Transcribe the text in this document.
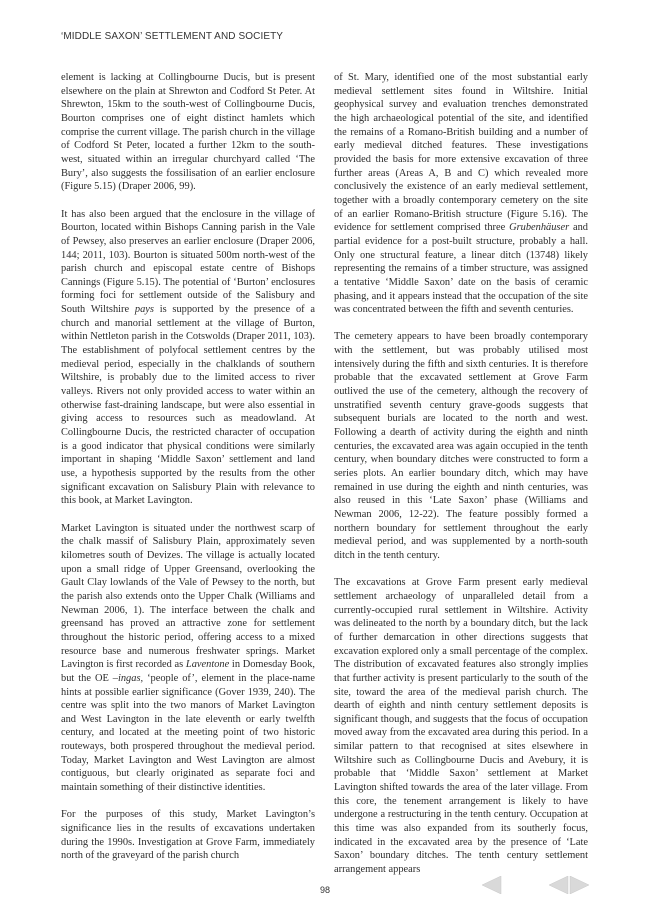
‘MIDDLE SAXON’ SETTLEMENT AND SOCIETY

element is lacking at Collingbourne Ducis, but is present elsewhere on the plain at Shrewton and Codford St Peter. At Shrewton, 15km to the south-west of Collingbourne Ducis, Bourton comprises one of eight distinct hamlets which comprise the current village. The parish church in the village of Codford St Peter, located a further 12km to the south-west, situated within an irregular churchyard called ‘The Bury’, also suggests the fossilisation of an earlier enclosure (Figure 5.15) (Draper 2006, 99).

It has also been argued that the enclosure in the village of Bourton, located within Bishops Canning parish in the Vale of Pewsey, also preserves an earlier enclosure (Draper 2006, 144; 2011, 103). Bourton is situated 500m north-west of the parish church and episcopal estate centre of Bishops Cannings (Figure 5.15). The potential of ‘Burton’ enclosures forming foci for settlement outside of the Salisbury and South Wiltshire pays is supported by the presence of a church and manorial settlement at the village of Burton, within Nettleton parish in the Cotswolds (Draper 2011, 103). The establishment of polyfocal settlement centres by the medieval period, especially in the chalklands of southern Wiltshire, is probably due to the limited access to river valleys. Rivers not only provided access to water within an otherwise fast-draining landscape, but were also essential in giving access to resources such as meadowland. At Collingbourne Ducis, the restricted character of occupation is a good indicator that physical conditions were similarly important in shaping ‘Middle Saxon’ settlement and land use, a hypothesis supported by the results from the other significant excavation on Salisbury Plain with relevance to this book, at Market Lavington.

Market Lavington is situated under the northwest scarp of the chalk massif of Salisbury Plain, approximately seven kilometres south of Devizes. The village is actually located upon a small ridge of Upper Greensand, overlooking the Gault Clay lowlands of the Vale of Pewsey to the north, but the parish also extends onto the Upper Chalk (Williams and Newman 2006, 1). The interface between the chalk and greensand has proved an attractive zone for settlement throughout the historic period, offering access to a mixed resource base and numerous freshwater springs. Market Lavington is first recorded as Laventone in Domesday Book, but the OE –ingas, ‘people of’, element in the place-name hints at possible earlier significance (Gover 1939, 240). The centre was split into the two manors of Market Lavington and West Lavington in the late eleventh or early twelfth century, and located at the meeting point of two historic routeways, both prospered throughout the medieval period. Today, Market Lavington and West Lavington are almost contiguous, but clearly originated as separate foci and maintain something of their distinctive identities.

For the purposes of this study, Market Lavington’s significance lies in the results of excavations undertaken during the 1990s. Investigation at Grove Farm, immediately north of the graveyard of the parish church

of St. Mary, identified one of the most substantial early medieval settlement sites found in Wiltshire. Initial geophysical survey and evaluation trenches demonstrated the high archaeological potential of the site, and identified the remains of a Romano-British building and a number of early medieval ditched features. These investigations provided the basis for more extensive excavation of three further areas (Areas A, B and C) which revealed more conclusively the existence of an early medieval settlement, together with a broadly contemporary cemetery on the site of an earlier Romano-British structure (Figure 5.16). The evidence for settlement comprised three Grubenhäuser and partial evidence for a post-built structure, probably a hall. Only one structural feature, a linear ditch (13748) likely representing the remains of a timber structure, was assigned a tentative ‘Middle Saxon’ date on the basis of ceramic phasing, and it appears instead that the occupation of the site was concentrated between the fifth and seventh centuries.

The cemetery appears to have been broadly contemporary with the settlement, but was probably utilised most intensively during the fifth and sixth centuries. It is therefore probable that the excavated settlement at Grove Farm outlived the use of the cemetery, although the recovery of unstratified seventh century grave-goods suggests that subsequent burials are located to the north and west. Following a dearth of activity during the eighth and ninth centuries, the excavated area was again occupied in the tenth century, when boundary ditches were constructed to form a series plots. An earlier boundary ditch, which may have remained in use during the eighth and ninth centuries, was also reused in this ‘Late Saxon’ phase (Williams and Newman 2006, 12-22). The feature possibly formed a northern boundary for settlement throughout the early medieval period, and was supplemented by a north-south ditch in the tenth century.

The excavations at Grove Farm present early medieval settlement archaeology of unparalleled detail from a currently-occupied rural settlement in Wiltshire. Activity was delineated to the north by a boundary ditch, but the lack of further demarcation in other directions suggests that excavation explored only a small percentage of the complex. The distribution of excavated features also strongly implies that further activity is present particularly to the south of the site, toward the area of the medieval parish church. The dearth of eighth and ninth century settlement deposits is significant though, and suggests that the focus of occupation moved away from the excavated area during this period. In a similar pattern to that recognised at sites elsewhere in Wiltshire such as Collingbourne Ducis and Avebury, it is probable that ‘Middle Saxon’ settlement at Market Lavington shifted towards the area of the later village. From this core, the tenement arrangement is likely to have undergone a restructuring in the tenth century. Occupation at this time was also expanded from its southerly focus, indicated in the excavated area by the presence of ‘Late Saxon’ boundary ditches. The tenth century settlement arrangement appears

98
